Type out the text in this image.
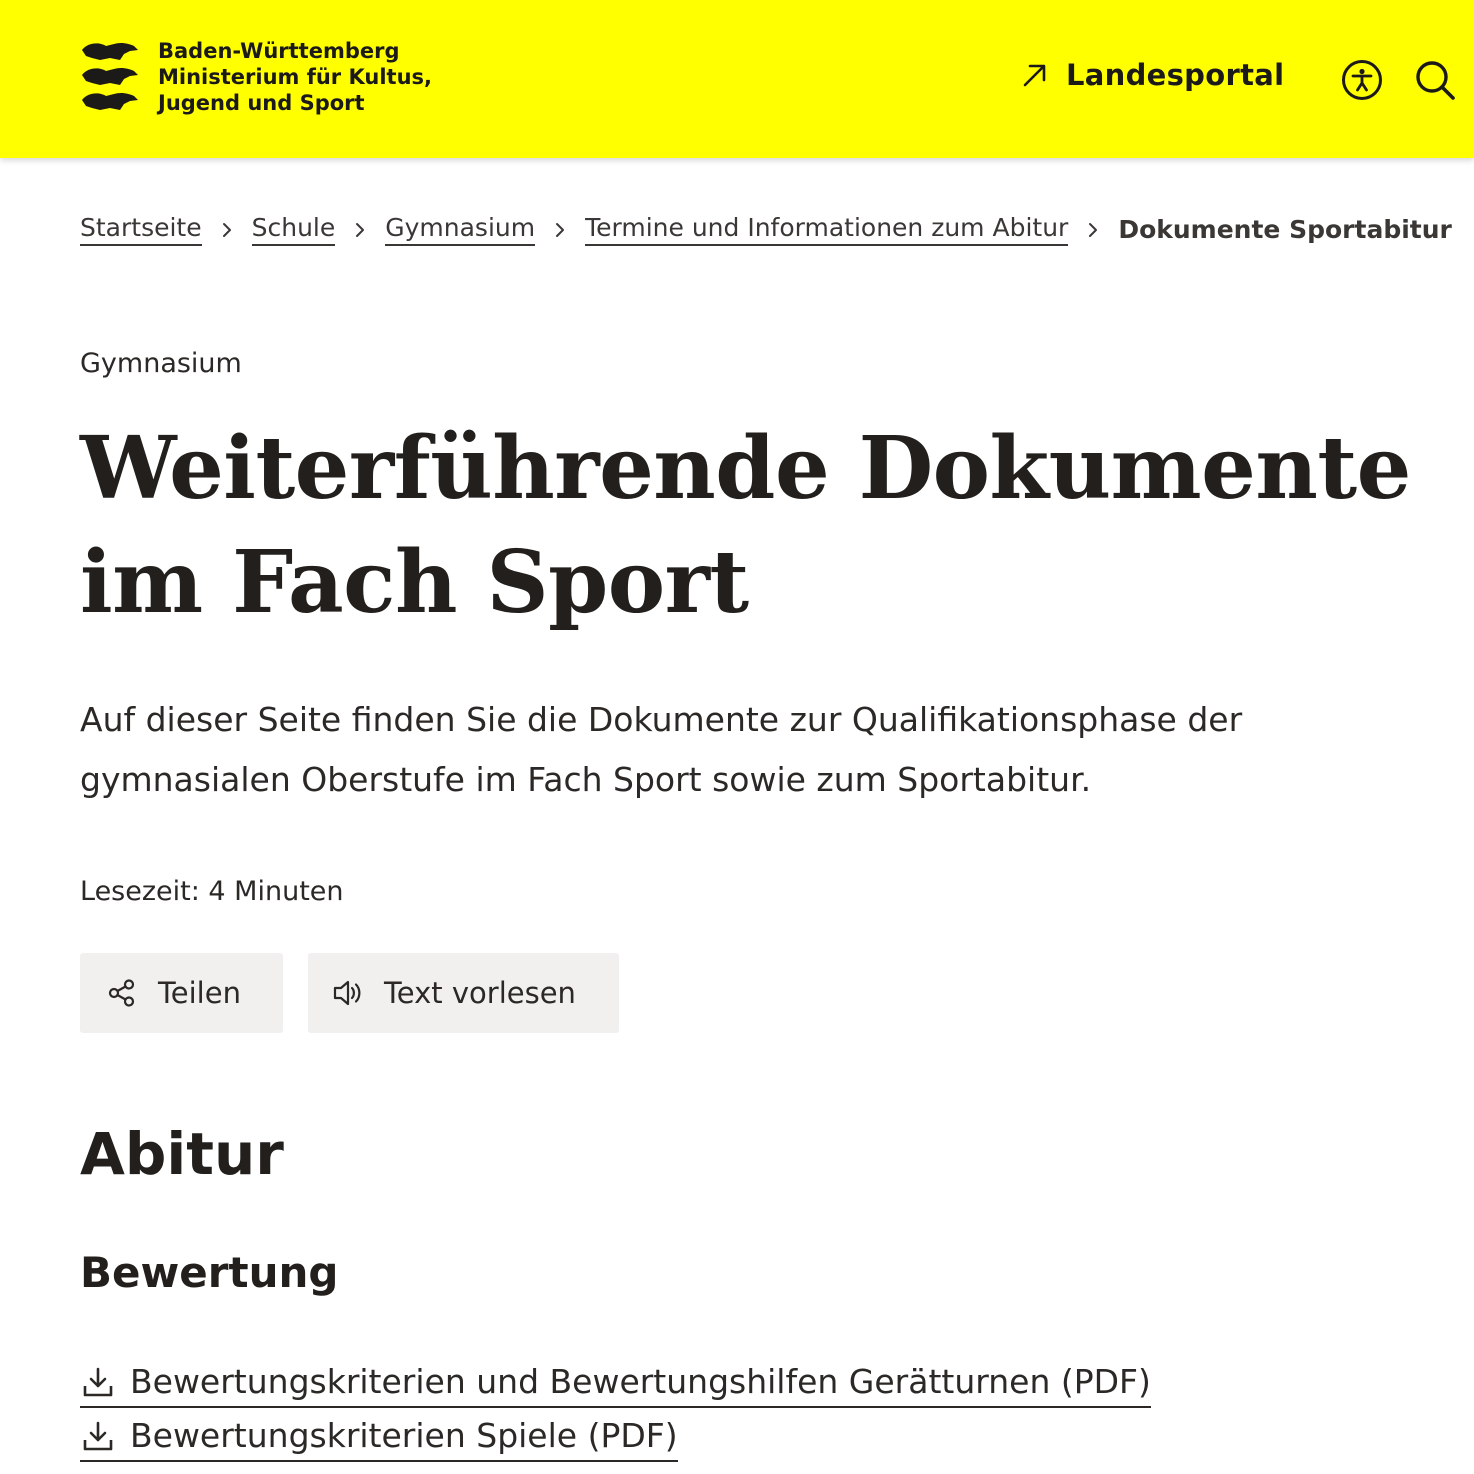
Baden-Württemberg
Ministerium für Kultus,
Jugend und Sport
Landesportal
Startseite Schule Gymnasium Termine und Informationen zum Abitur Dokumente Sportabitur

Gymnasium

Weiterführende Dokumente im Fach Sport

Auf dieser Seite finden Sie die Dokumente zur Qualifikationsphase der gymnasialen Oberstufe im Fach Sport sowie zum Sportabitur.

Lesezeit: 4 Minuten

Teilen	Text vorlesen
Abitur
Bewertung
Bewertungskriterien und Bewertungshilfen Gerätturnen (PDF)
Bewertungskriterien Spiele (PDF)
